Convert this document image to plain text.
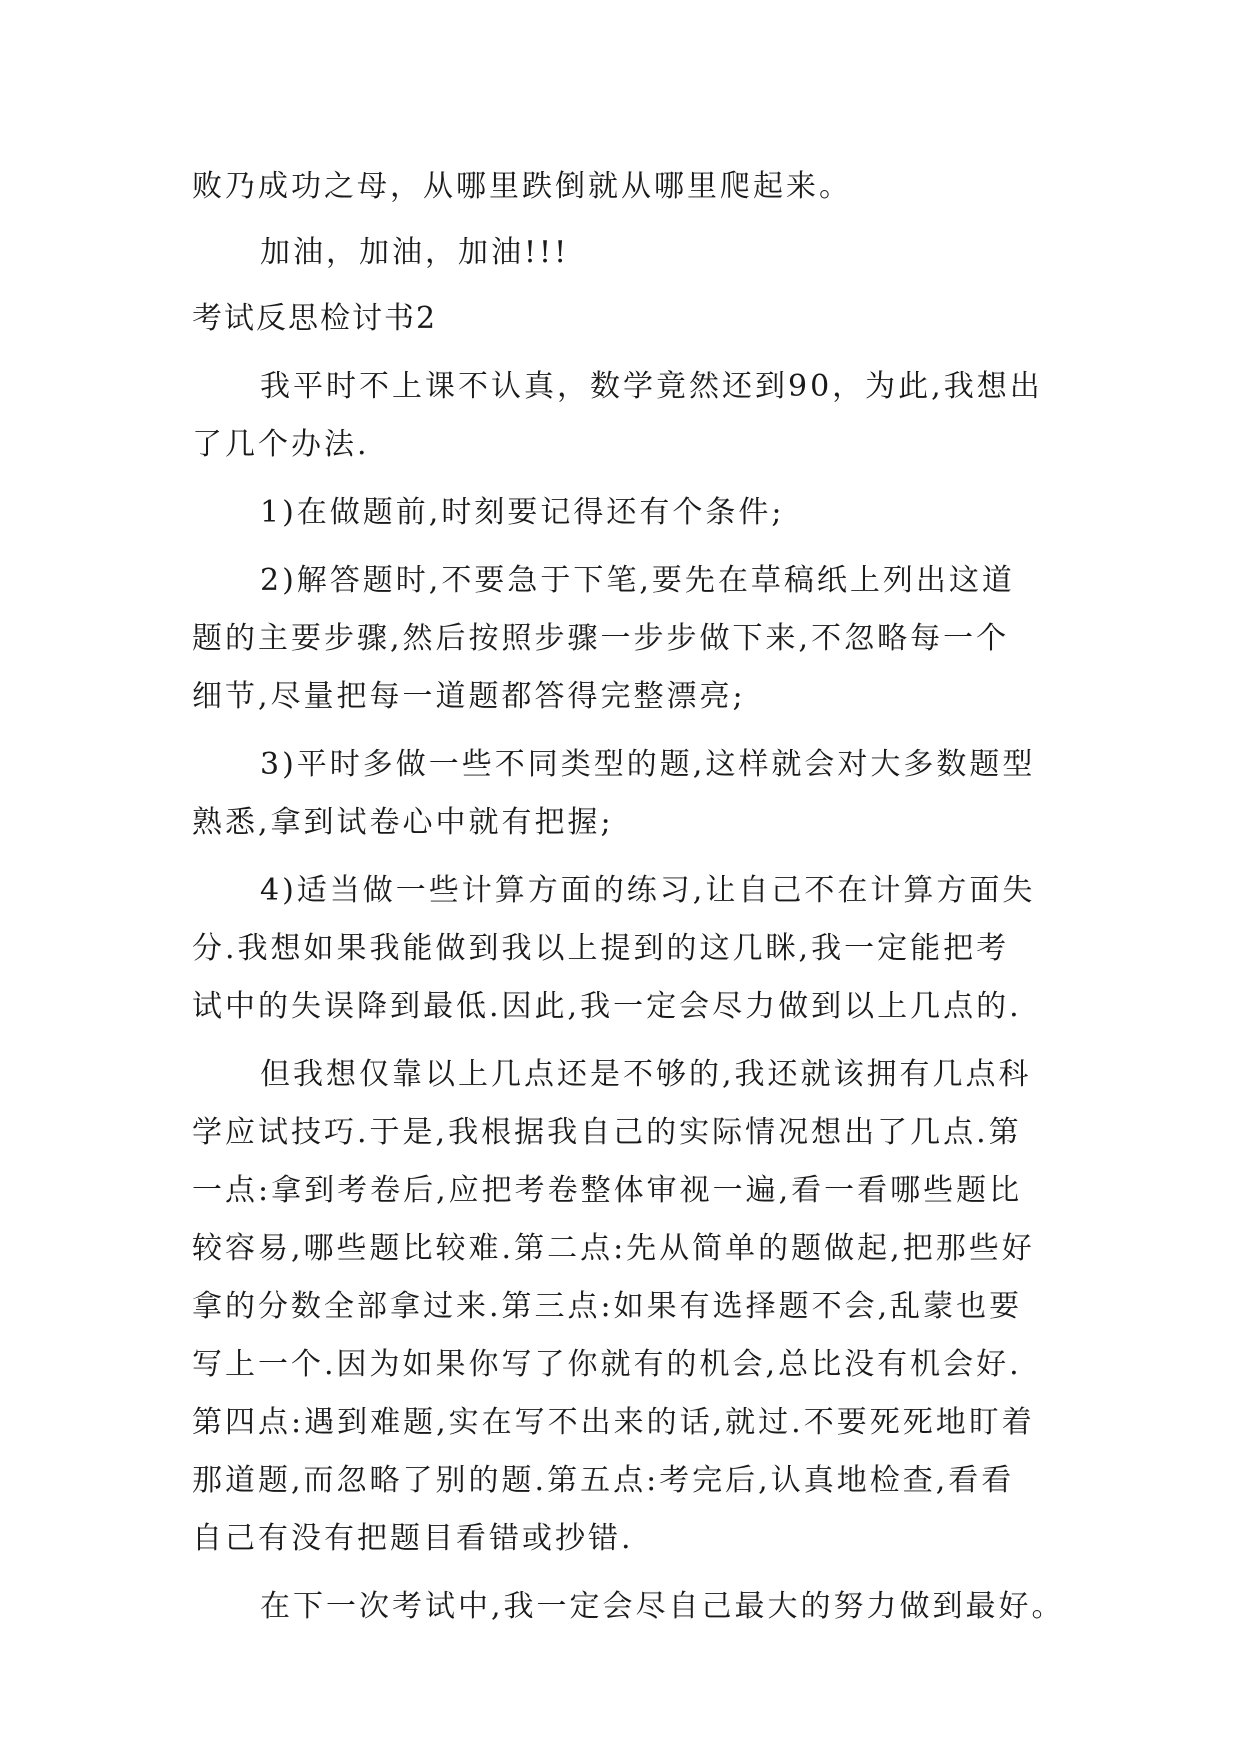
败乃成功之母，从哪里跌倒就从哪里爬起来。
加油，加油，加油!!!
考试反思检讨书2
我平时不上课不认真，数学竟然还到90，为此,我想出
了几个办法.
1)在做题前,时刻要记得还有个条件;
2)解答题时,不要急于下笔,要先在草稿纸上列出这道
题的主要步骤,然后按照步骤一步步做下来,不忽略每一个
细节,尽量把每一道题都答得完整漂亮;
3)平时多做一些不同类型的题,这样就会对大多数题型
熟悉,拿到试卷心中就有把握;
4)适当做一些计算方面的练习,让自己不在计算方面失
分.我想如果我能做到我以上提到的这几眯,我一定能把考
试中的失误降到最低.因此,我一定会尽力做到以上几点的.
但我想仅靠以上几点还是不够的,我还就该拥有几点科
学应试技巧.于是,我根据我自己的实际情况想出了几点.第
一点:拿到考卷后,应把考卷整体审视一遍,看一看哪些题比
较容易,哪些题比较难.第二点:先从简单的题做起,把那些好
拿的分数全部拿过来.第三点:如果有选择题不会,乱蒙也要
写上一个.因为如果你写了你就有的机会,总比没有机会好.
第四点:遇到难题,实在写不出来的话,就过.不要死死地盯着
那道题,而忽略了别的题.第五点:考完后,认真地检查,看看
自己有没有把题目看错或抄错.
在下一次考试中,我一定会尽自己最大的努力做到最好。
